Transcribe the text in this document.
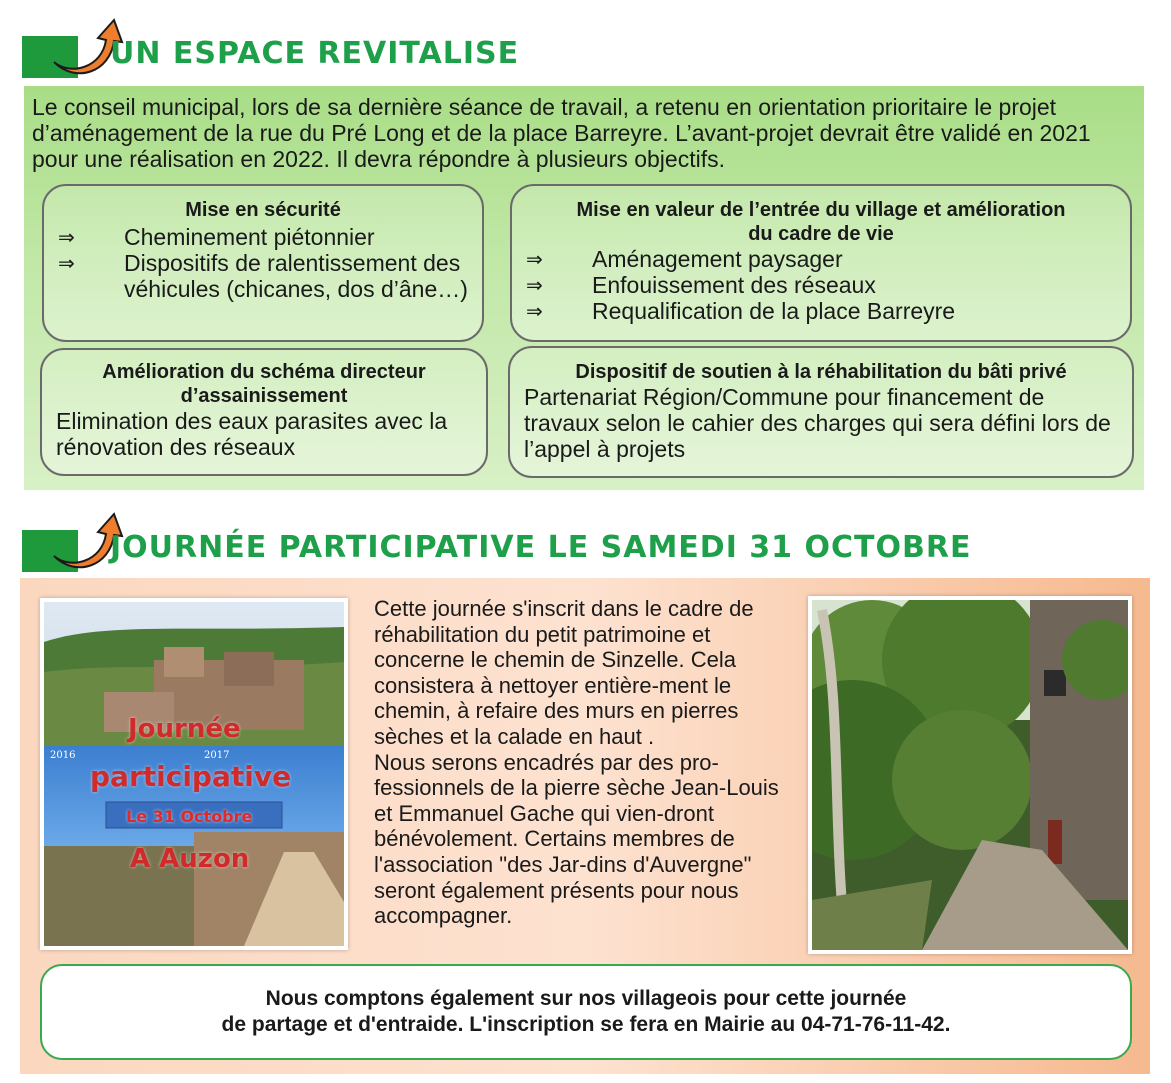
UN ESPACE REVITALISE

Le conseil municipal, lors de sa dernière séance de travail, a retenu en orientation prioritaire le projet d’aménagement de la rue du Pré Long et de la place Barreyre. L’avant-projet devrait être validé en 2021 pour une réalisation en 2022. Il devra répondre à plusieurs objectifs.

Mise en sécurité

⇒ Cheminement piétonnier
⇒ Dispositifs de ralentissement des véhicules (chicanes, dos d’âne…)

Mise en valeur de l’entrée du village et amélioration du cadre de vie

⇒ Aménagement paysager
⇒ Enfouissement des réseaux
⇒ Requalification de la place Barreyre

Amélioration du schéma directeur d’assainissement

Elimination des eaux parasites avec la rénovation des réseaux

Dispositif de soutien à la réhabilitation du bâti privé

Partenariat Région/Commune pour financement de travaux selon le cahier des charges qui sera défini lors de l’appel à projets

JOURNÉE PARTICIPATIVE LE SAMEDI 31 OCTOBRE
Journée
participative
Le 31 Octobre
A Auzon
2016	2017

Cette journée s'inscrit dans le cadre de réhabilitation du petit patrimoine et concerne le chemin de Sinzelle. Cela consistera à nettoyer entière-ment le chemin, à refaire des murs en pierres sèches et la calade en haut .
Nous serons encadrés par des pro-fessionnels de la pierre sèche Jean-Louis et Emmanuel Gache qui vien-dront bénévolement. Certains membres de l'association "des Jar-dins d'Auvergne" seront également présents pour nous accompagner.

Nous comptons également sur nos villageois pour cette journée

de partage et d'entraide. L'inscription se fera en Mairie au 04-71-76-11-42.
